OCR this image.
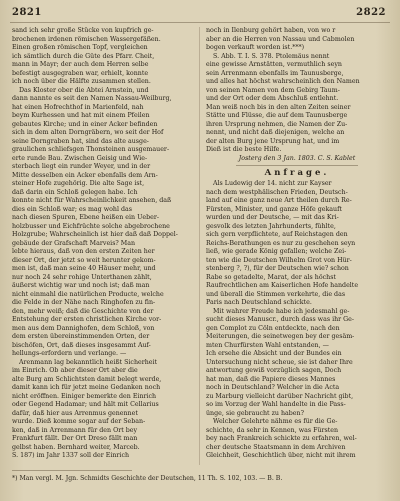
2821	2822
sand ich sehr große Stücke von kupfrich ge-
brochenen irdenen römischen Wassergefäßen.
Einen großen römischen Topf, vergleichen
ich sämtlich durch die Güte des Pfarr. Cheit,
mann in Mayr; der auch dem Herren selbe
befestigt ausgegraben war, erhielt, konnte
ich noch über die Hälfte zusammen stellen.
Das Kloster ober die Abtei Arnstein, und
dann nannte es seit den Namen Nassau-Weilburg,
hat einen Hofrechthof in Marienfeld, nah
beym Kurhessen und hat mit einem Pfeilen
gebautes Kirche; und in einer Acker befinden
sich in dem alten Dorngräbern, wo seit der Hof
seine Dorngraben hat, sind das alte ausge-
graulichen schliefsgen Thonsteinen ausgemauer-
erte runde Bau. Zwischen Geisig und Wie-
sterbach liegt ein runder Weyer, und in der
Mitte desselben ein Acker ebenfalls dem Arn-
steiner Hofe zugehörig. Die alte Sage ist,
daß darin ein Schloß gelegen habe. Ich
konnte nicht für Wahrscheinlichkeit ansehen, daß
dies ein Schloß war; es mag wohl das
nach diesen Spuren, Ebene heißen ein Ueber-
holzbusser und Eichfrüchte solche abgebrochene
Holzgrube; Wahrscheinlich ist hier daß daß Doppel-
gebäude der Grafschaft Marveis? Man
lebte hieraus, daß von den ersten Zeiten her
dieser Ort, der jetzt so weit herunter gekom-
men ist, daß man seine 40 Häuser mehr, und
nur noch 24 sehr rohige Unterthanen zählt,
äußerst wichtig war und noch ist; daß man
nicht einmahl die natürlichen Producte, welche
die Felde in der Nähe nach Ringhofen zu fin-
den, mehr weiß; daß die Geschichte von der
Entstehung der ersten christlichen Kirche vor-
men aus dem Dannighofen, dem Schloß, von
dem ersten übereinstimmenden Orten, der
bischöfen, Ort, daß dieses insgesammt Auf-
hellungs-erfordern und verlange. —
Arenmann lag bekanntlich heißt Sicherheit
im Einrich. Ob aber dieser Ort aber die
alte Burg am Schlichtsten damit belegt werde,
damit kann ich für jetzt meine Gedanken noch
nicht eröffnen. Einiger bemerkte den Einrich
oder Gegend Hadamar; und hält mit Cellarius
dafür, daß hier aus Arrenmus genennet
wurde. Dieß komme sogar auf der Seban-
ken, daß in Arrenmann für den Ort bey
Frankfurt fällt. Der Ort Dreso fällt man
gelbst haben. Bernhard weiter, Marceb.
S. 187) im Jahr 1337 soll der Einrich
noch in Ilenburg gehört haben, von wo r
aber an die Herren von Nassau und Cabmolen
bogen verkauft worden ist.***)
S. Abb. T. I. S. 378. Ptolemäus nennt
eine gewisse Arnstätten, vermuthlich seyn
sein Arrenmann ebenfalls im Taunusberge,
und alles hat höchst wahrscheinlich den Namen
von seinen Namen von dem Gebirg Taum-
und der Ort oder dem Abschluß entlehnt.
Man weiß noch bis in den alten Zeiten seiner
Stätte und Flüsse, die auf dem Taunusberge
ihren Ursprung nehmen, die Namen der Zu-
nennt, und nicht daß diejenigen, welche an
der alten Burg jene Ursprung hat, und im
Dieß ist die beste Hilfe.
Josterg den 3 Jan. 1803. C. S. Kablet
Anfrage.
Als Ludewig der 14. nicht zur Kayser
nach dem westphälischen Frieden, Deutsch-
land auf eine ganz neue Art theilen durch Re-
Fürsten, Minister, und ganze Höfe gekauft
wurden und der Deutsche, — mit das Kri-
gesvolk des letzten Jahrhunderts, fühlte,
sich gern verpflichtete, auf Reichstagen den
Reichs-Berathungen es nur zu geschehen seyn
ließ, wie gerade König gefallen; welche Zei-
ten wie die Deutschen Wilhelm Grot von Hür-
stenberg ?, ?), für der Deutschen wie? schon
Rabe so getadelte, Marat, der als höchst
Raufrechtlichen am Kaiserlichen Hofe handelte
und überall die Stimmen verkehrte, die das
Paris nach Deutschland schickte.
Mit wahrer Freude habe ich jedesmahl ge-
sucht dieses Manuscr., durch dass was ihr Ge-
gen Complot zu Cöln entdeckte, nach den
Meiterungen, die seinetwegen bey der gesäm-
mten Churfürsten Wahl entstanden, —
Ich ersehe die Absicht und der Bundes ein
Untersuchung nicht scheue, sie ist daher Ihre
antwortung gewiß vorzüglich sagen, Doch
hat man, daß die Papiere dieses Mannes
noch in Deutschland? Welcher in die Acta
zu Marburg vielleicht darüber Nachricht gibt,
so im Vorzug der Wahl handelte in die Pass-
ünge, sie gebraucht zu haben?
Welcher Gelehrte nähme es für die Ge-
schichte, da sehr in Kennen, was Fürsten
bey nach Frankreich schickte zu erfahren, wel-
cher deutsche Staatsmann in dem Archiven
Gleichheit, Geschichtlich über, nicht mit ihrem
*) Man vergl. M. Jgn. Schmidts Geschichte der Deutschen, 11 Th. S. 102, 103. — B. B.
